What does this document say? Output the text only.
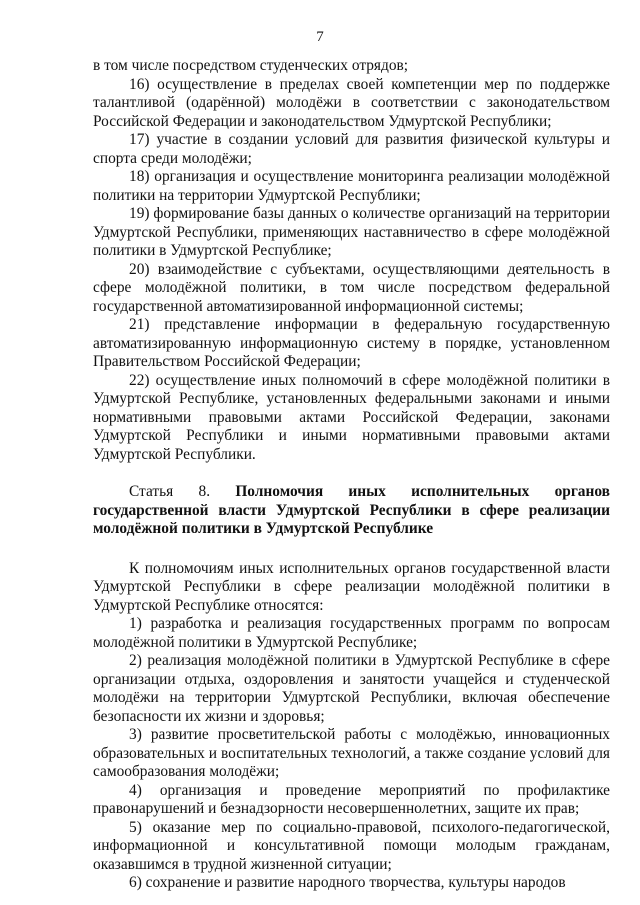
7

в том числе посредством студенческих отрядов;

16) осуществление в пределах своей компетенции мер по поддержке талантливой (одарённой) молодёжи в соответствии с законодательством Российской Федерации и законодательством Удмуртской Республики;

17) участие в создании условий для развития физической культуры и спорта среди молодёжи;

18) организация и осуществление мониторинга реализации молодёжной политики на территории Удмуртской Республики;

19) формирование базы данных о количестве организаций на территории Удмуртской Республики, применяющих наставничество в сфере молодёжной политики в Удмуртской Республике;

20) взаимодействие с субъектами, осуществляющими деятельность в сфере молодёжной политики, в том числе посредством федеральной государственной автоматизированной информационной системы;

21) представление информации в федеральную государственную автоматизированную информационную систему в порядке, установленном Правительством Российской Федерации;

22) осуществление иных полномочий в сфере молодёжной политики в Удмуртской Республике, установленных федеральными законами и иными нормативными правовыми актами Российской Федерации, законами Удмуртской Республики и иными нормативными правовыми актами Удмуртской Республики.

Статья 8. Полномочия иных исполнительных органов государственной власти Удмуртской Республики в сфере реализации молодёжной политики в Удмуртской Республике

К полномочиям иных исполнительных органов государственной власти Удмуртской Республики в сфере реализации молодёжной политики в Удмуртской Республике относятся:

1) разработка и реализация государственных программ по вопросам молодёжной политики в Удмуртской Республике;

2) реализация молодёжной политики в Удмуртской Республике в сфере организации отдыха, оздоровления и занятости учащейся и студенческой молодёжи на территории Удмуртской Республики, включая обеспечение безопасности их жизни и здоровья;

3) развитие просветительской работы с молодёжью, инновационных образовательных и воспитательных технологий, а также создание условий для самообразования молодёжи;

4) организация и проведение мероприятий по профилактике правонарушений и безнадзорности несовершеннолетних, защите их прав;

5) оказание мер по социально-правовой, психолого-педагогической, информационной и консультативной помощи молодым гражданам, оказавшимся в трудной жизненной ситуации;

6) сохранение и развитие народного творчества, культуры народов
